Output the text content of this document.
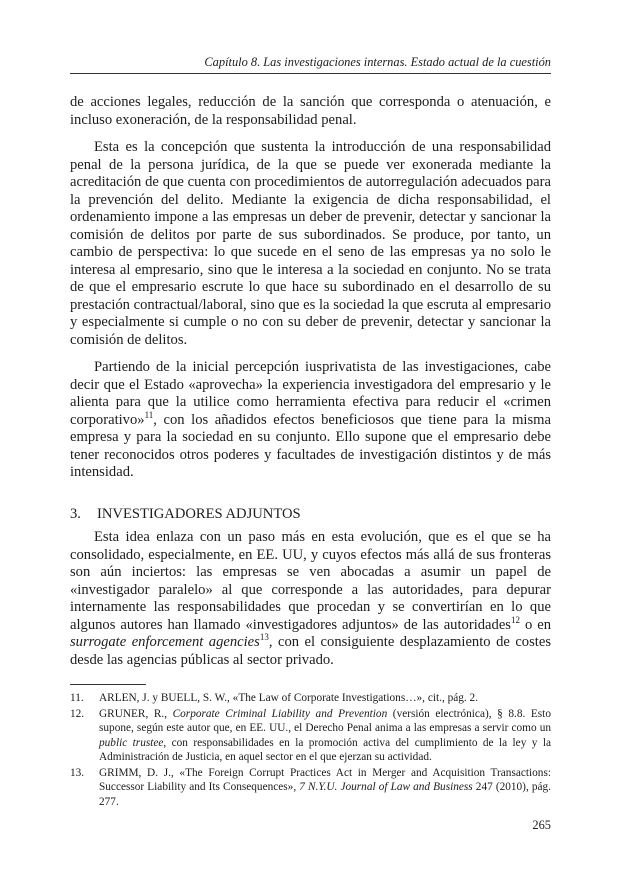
Capítulo 8. Las investigaciones internas. Estado actual de la cuestión

de acciones legales, reducción de la sanción que corresponda o atenuación, e incluso exoneración, de la responsabilidad penal.

Esta es la concepción que sustenta la introducción de una responsabilidad penal de la persona jurídica, de la que se puede ver exonerada mediante la acreditación de que cuenta con procedimientos de autorregulación adecuados para la prevención del delito. Mediante la exigencia de dicha responsabilidad, el ordenamiento impone a las empresas un deber de prevenir, detectar y sancionar la comisión de delitos por parte de sus subordinados. Se produce, por tanto, un cambio de perspectiva: lo que sucede en el seno de las empresas ya no solo le interesa al empresario, sino que le interesa a la sociedad en conjunto. No se trata de que el empresario escrute lo que hace su subordinado en el desarrollo de su prestación contractual/laboral, sino que es la sociedad la que escruta al empresario y especialmente si cumple o no con su deber de prevenir, detectar y sancionar la comisión de delitos.

Partiendo de la inicial percepción iusprivatista de las investigaciones, cabe decir que el Estado «aprovecha» la experiencia investigadora del empresario y le alienta para que la utilice como herramienta efectiva para reducir el «crimen corporativo»$^{11}$, con los añadidos efectos beneficiosos que tiene para la misma empresa y para la sociedad en su conjunto. Ello supone que el empresario debe tener reconocidos otros poderes y facultades de investigación distintos y de más intensidad.

3.	INVESTIGADORES ADJUNTOS

Esta idea enlaza con un paso más en esta evolución, que es el que se ha consolidado, especialmente, en EE. UU, y cuyos efectos más allá de sus fronteras son aún inciertos: las empresas se ven abocadas a asumir un papel de «investigador paralelo» al que corresponde a las autoridades, para depurar internamente las responsabilidades que procedan y se convertirían en lo que algunos autores han llamado «investigadores adjuntos» de las autoridades$^{12}$ o en surrogate enforcement agencies$^{13}$, con el consiguiente desplazamiento de costes desde las agencias públicas al sector privado.

11.	ARLEN, J. y BUELL, S. W., «The Law of Corporate Investigations…», cit., pág. 2.
12.	GRUNER, R., Corporate Criminal Liability and Prevention (versión electrónica), § 8.8. Esto supone, según este autor que, en EE. UU., el Derecho Penal anima a las empresas a servir como un public trustee, con responsabilidades en la promoción activa del cumplimiento de la ley y la Administración de Justicia, en aquel sector en el que ejerzan su actividad.
13.	GRIMM, D. J., «The Foreign Corrupt Practices Act in Merger and Acquisition Transactions: Successor Liability and Its Consequences», 7 N.Y.U. Journal of Law and Business 247 (2010), pág. 277.
265
